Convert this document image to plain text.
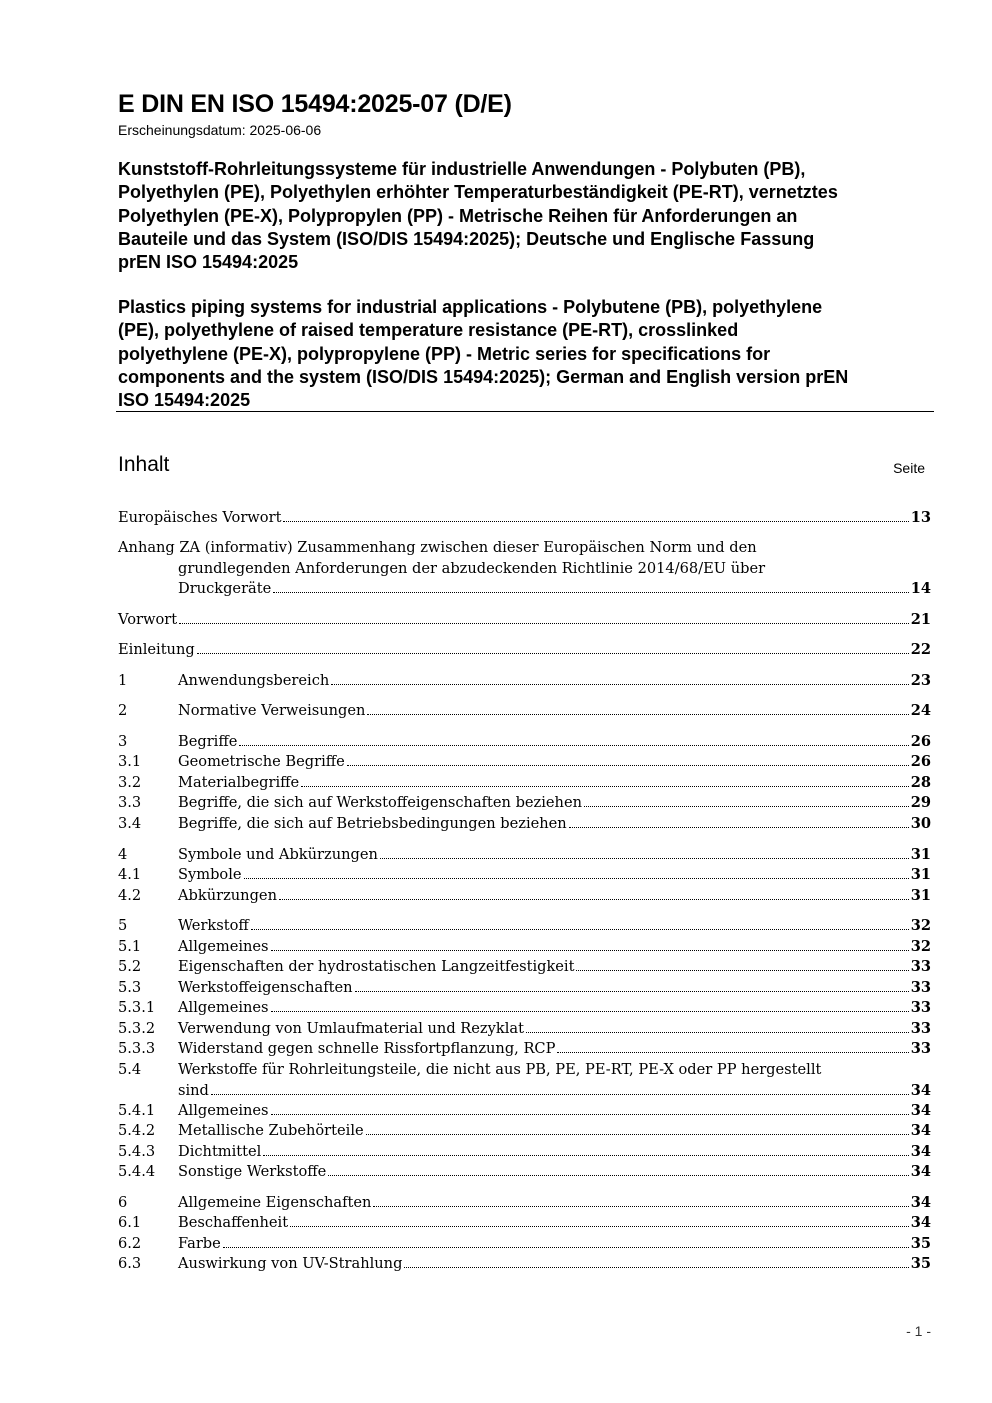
E DIN EN ISO 15494:2025-07 (D/E)
Erscheinungsdatum: 2025-06-06
Kunststoff-Rohrleitungssysteme für industrielle Anwendungen - Polybuten (PB),
Polyethylen (PE), Polyethylen erhöhter Temperaturbeständigkeit (PE-RT), vernetztes
Polyethylen (PE-X), Polypropylen (PP) - Metrische Reihen für Anforderungen an
Bauteile und das System (ISO/DIS 15494:2025); Deutsche und Englische Fassung
prEN ISO 15494:2025
Plastics piping systems for industrial applications - Polybutene (PB), polyethylene
(PE), polyethylene of raised temperature resistance (PE-RT), crosslinked
polyethylene (PE-X), polypropylene (PP) - Metric series for specifications for
components and the system (ISO/DIS 15494:2025); German and English version prEN
ISO 15494:2025
Inhalt	Seite
Europäisches Vorwort	13
Anhang ZA (informativ) Zusammenhang zwischen dieser Europäischen Norm und den
grundlegenden Anforderungen der abzudeckenden Richtlinie 2014/68/EU über
Druckgeräte	14
Vorwort	21
Einleitung	22
1	Anwendungsbereich	23
2	Normative Verweisungen	24
3	Begriffe	26
3.1	Geometrische Begriffe	26
3.2	Materialbegriffe	28
3.3	Begriffe, die sich auf Werkstoffeigenschaften beziehen	29
3.4	Begriffe, die sich auf Betriebsbedingungen beziehen	30
4	Symbole und Abkürzungen	31
4.1	Symbole	31
4.2	Abkürzungen	31
5	Werkstoff	32
5.1	Allgemeines	32
5.2	Eigenschaften der hydrostatischen Langzeitfestigkeit	33
5.3	Werkstoffeigenschaften	33
5.3.1	Allgemeines	33
5.3.2	Verwendung von Umlaufmaterial und Rezyklat	33
5.3.3	Widerstand gegen schnelle Rissfortpflanzung, RCP	33
5.4	Werkstoffe für Rohrleitungsteile, die nicht aus PB, PE, PE-RT, PE-X oder PP hergestellt
sind	34
5.4.1	Allgemeines	34
5.4.2	Metallische Zubehörteile	34
5.4.3	Dichtmittel	34
5.4.4	Sonstige Werkstoffe	34
6	Allgemeine Eigenschaften	34
6.1	Beschaffenheit	34
6.2	Farbe	35
6.3	Auswirkung von UV-Strahlung	35
- 1 -
